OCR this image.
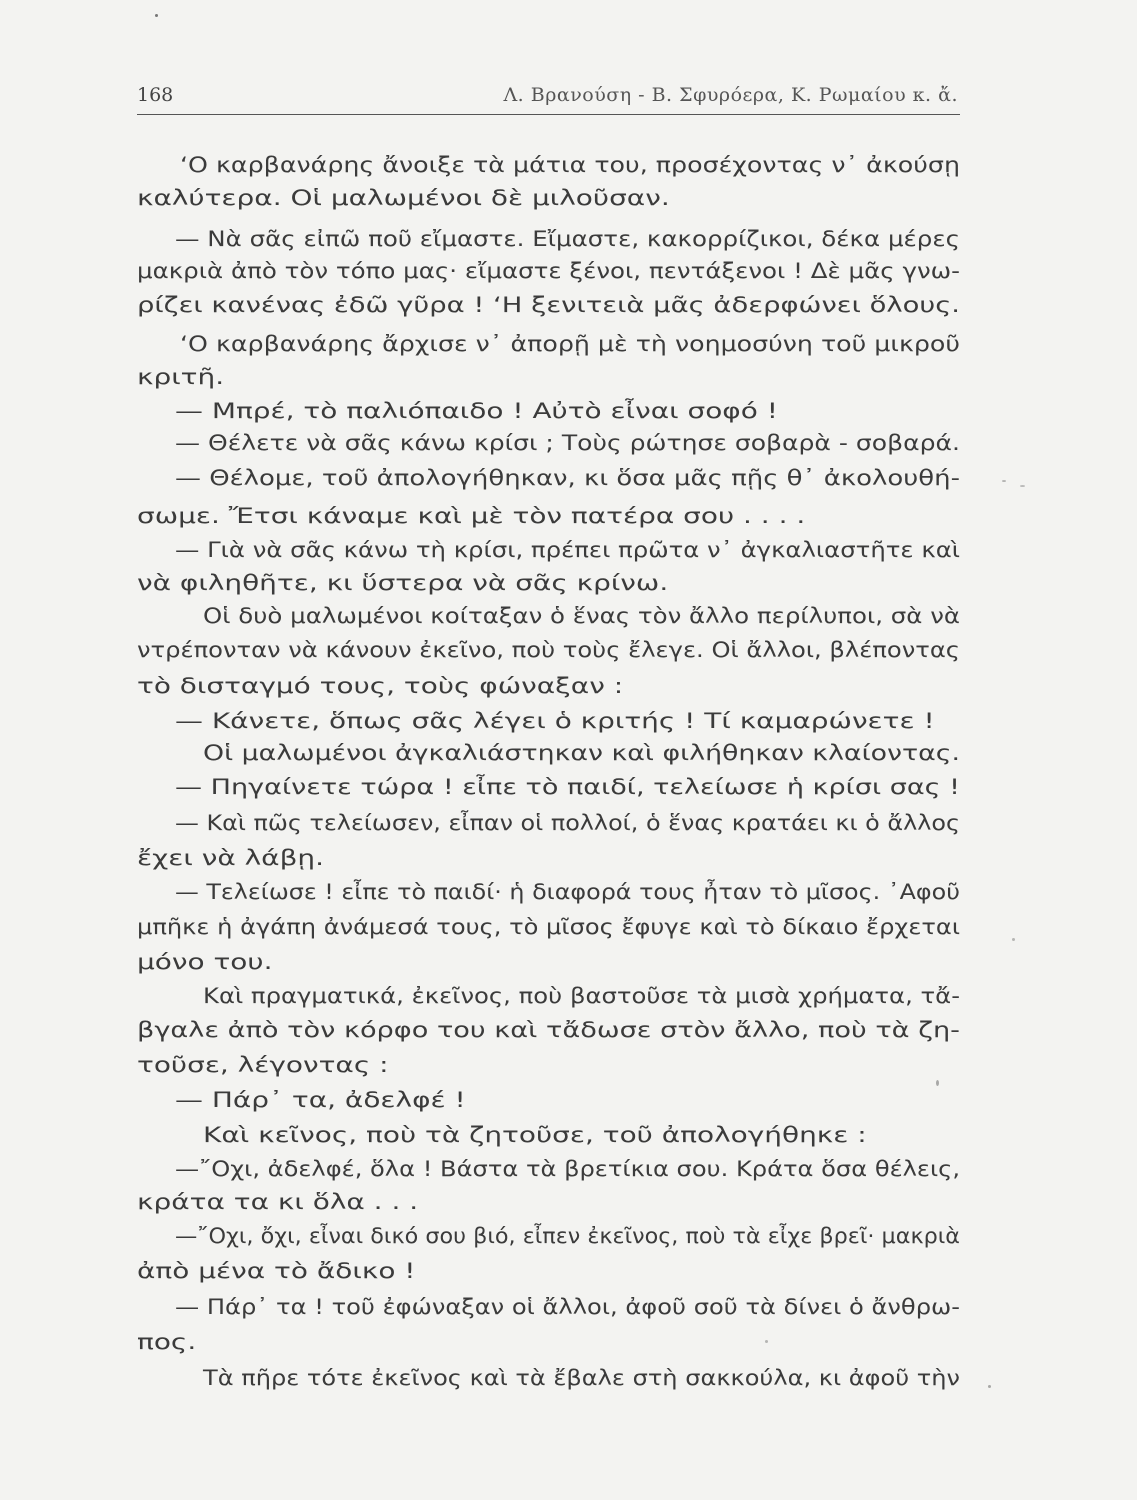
168	Λ. Βρανούση - Β. Σφυρόερα, Κ. Ρωμαίου κ. ἄ.
‘Ο καρβανάρης ἄνοιξε τὰ μάτια του, προσέχοντας ν᾽ ἀκούσῃ
καλύτερα. Οἱ μαλωμένοι δὲ μιλοῦσαν.
— Νὰ σᾶς εἰπῶ ποῦ εἴμαστε. Εἴμαστε, κακορρίζικοι, δέκα μέρες
μακριὰ ἀπὸ τὸν τόπο μας· εἴμαστε ξένοι, πεντάξενοι ! Δὲ μᾶς γνω-
ρίζει κανένας ἐδῶ γῦρα ! ‘Η ξενιτειὰ μᾶς ἀδερφώνει ὅλους.
‘Ο καρβανάρης ἄρχισε ν᾽ ἀπορῇ μὲ τὴ νοημοσύνη τοῦ μικροῦ
κριτῆ.
— Μπρέ, τὸ παλιόπαιδο ! Αὐτὸ εἶναι σοφό !
— Θέλετε νὰ σᾶς κάνω κρίσι ; Τοὺς ρώτησε σοβαρὰ - σοβαρά.
— Θέλομε, τοῦ ἀπολογήθηκαν, κι ὅσα μᾶς πῇς θ᾽ ἀκολουθή-
σωμε. Ἔτσι κάναμε καὶ μὲ τὸν πατέρα σου . . . .
— Γιὰ νὰ σᾶς κάνω τὴ κρίσι, πρέπει πρῶτα ν᾽ ἀγκαλιαστῆτε καὶ
νὰ φιληθῆτε, κι ὕστερα νὰ σᾶς κρίνω.
Οἱ δυὸ μαλωμένοι κοίταξαν ὁ ἕνας τὸν ἄλλο περίλυποι, σὰ νὰ
ντρέπονταν νὰ κάνουν ἐκεῖνο, ποὺ τοὺς ἔλεγε. Οἱ ἄλλοι, βλέποντας
τὸ δισταγμό τους, τοὺς φώναξαν :
— Κάνετε, ὅπως σᾶς λέγει ὁ κριτής ! Τί καμαρώνετε !
Οἱ μαλωμένοι ἀγκαλιάστηκαν καὶ φιλήθηκαν κλαίοντας.
— Πηγαίνετε τώρα ! εἶπε τὸ παιδί, τελείωσε ἡ κρίσι σας !
— Καὶ πῶς τελείωσεν, εἶπαν οἱ πολλοί, ὁ ἕνας κρατάει κι ὁ ἄλλος
ἔχει νὰ λάβῃ.
— Τελείωσε ! εἶπε τὸ παιδί· ἡ διαφορά τους ἦταν τὸ μῖσος. ᾽Αφοῦ
μπῆκε ἡ ἀγάπη ἀνάμεσά τους, τὸ μῖσος ἔφυγε καὶ τὸ δίκαιο ἔρχεται
μόνο του.
Καὶ πραγματικά, ἐκεῖνος, ποὺ βαστοῦσε τὰ μισὰ χρήματα, τἄ-
βγαλε ἀπὸ τὸν κόρφο του καὶ τἄδωσε στὸν ἄλλο, ποὺ τὰ ζη-
τοῦσε, λέγοντας :
— Πάρ᾽ τα, ἀδελφέ !
Καὶ κεῖνος, ποὺ τὰ ζητοῦσε, τοῦ ἀπολογήθηκε :
—῎Οχι, ἀδελφέ, ὅλα ! Βάστα τὰ βρετίκια σου. Κράτα ὅσα θέλεις,
κράτα τα κι ὅλα . . .
—῎Οχι, ὄχι, εἶναι δικό σου βιό, εἶπεν ἐκεῖνος, ποὺ τὰ εἶχε βρεῖ· μακριὰ
ἀπὸ μένα τὸ ἄδικο !
— Πάρ᾽ τα ! τοῦ ἐφώναξαν οἱ ἄλλοι, ἀφοῦ σοῦ τὰ δίνει ὁ ἄνθρω-
πος.
Τὰ πῆρε τότε ἐκεῖνος καὶ τὰ ἔβαλε στὴ σακκούλα, κι ἀφοῦ τὴν
